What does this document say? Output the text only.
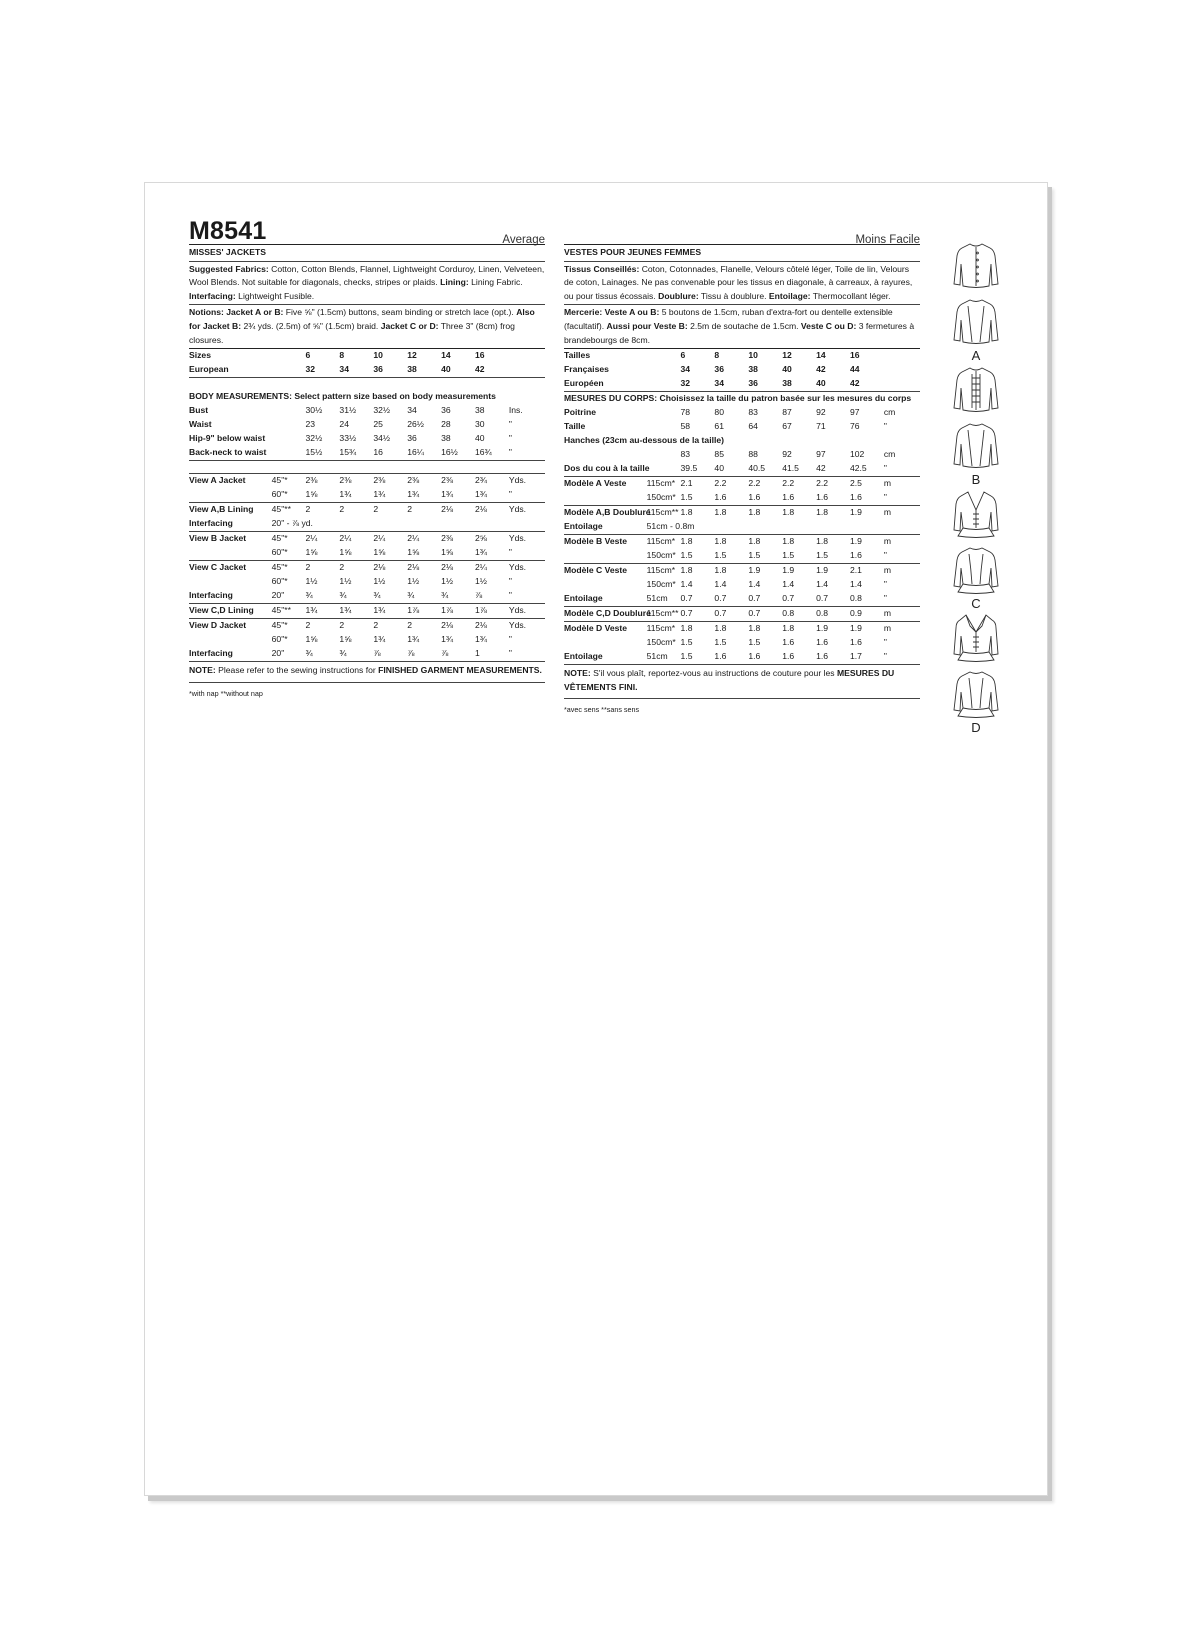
M8541	Average	Moins Facile
MISSES' JACKETS
Suggested Fabrics: Cotton, Cotton Blends, Flannel, Lightweight Corduroy, Linen, Velveteen, Wool Blends. Not suitable for diagonals, checks, stripes or plaids. Lining: Lining Fabric. Interfacing: Lightweight Fusible.
Notions: Jacket A or B: Five ⅝" (1.5cm) buttons, seam binding or stretch lace (opt.). Also for Jacket B: 2¾ yds. (2.5m) of ⅝" (1.5cm) braid. Jacket C or D: Three 3" (8cm) frog closures.
Sizes		6	8	10	12	14	16	
European		32	34	36	38	40	42	

BODY MEASUREMENTS: Select pattern size based on body measurements								
Bust		30½	31½	32½	34	36	38	Ins.
Waist		23	24	25	26½	28	30	"
Hip-9" below waist		32½	33½	34½	36	38	40	"
Back-neck to waist		15½	15¾	16	16¼	16½	16¾	"

View A Jacket	45"*	2⅜	2⅜	2⅜	2⅜	2⅜	2¾	Yds.
	60"*	1⅝	1¾	1¾	1¾	1¾	1¾	"
View A,B Lining	45"**	2	2	2	2	2⅛	2⅛	Yds.
Interfacing	20" - ⅞ yd.							
View B Jacket	45"*	2¼	2¼	2¼	2¼	2⅜	2⅝	Yds.
	60"*	1⅝	1⅝	1⅝	1⅝	1⅝	1¾	"
View C Jacket	45"*	2	2	2⅛	2⅛	2⅛	2¼	Yds.
	60"*	1½	1½	1½	1½	1½	1½	"
Interfacing	20"	¾	¾	¾	¾	¾	⅞	"
View C,D Lining	45"**	1¾	1¾	1¾	1⅞	1⅞	1⅞	Yds.
View D Jacket	45"*	2	2	2	2	2⅛	2⅛	Yds.
	60"*	1⅝	1⅝	1¾	1¾	1¾	1¾	"
Interfacing	20"	¾	¾	⅞	⅞	⅞	1	"
NOTE: Please refer to the sewing instructions for FINISHED GARMENT MEASUREMENTS.
*with nap **without nap
VESTES POUR JEUNES FEMMES
Tissus Conseillés: Coton, Cotonnades, Flanelle, Velours côtelé léger, Toile de lin, Velours de coton, Lainages. Ne pas convenable pour les tissus en diagonale, à carreaux, à rayures, ou pour tissus écossais. Doublure: Tissu à doublure. Entoilage: Thermocollant léger.
Mercerie: Veste A ou B: 5 boutons de 1.5cm, ruban d'extra-fort ou dentelle extensible (facultatif). Aussi pour Veste B: 2.5m de soutache de 1.5cm. Veste C ou D: 3 fermetures à brandebourgs de 8cm.
Tailles		6	8	10	12	14	16	
Françaises		34	36	38	40	42	44	
Européen		32	34	36	38	40	42	
MESURES DU CORPS: Choisissez la taille du patron basée sur les mesures du corps								
Poitrine		78	80	83	87	92	97	cm
Taille		58	61	64	67	71	76	"
Hanches (23cm au-dessous de la taille)								
		83	85	88	92	97	102	cm
Dos du cou à la taille		39.5	40	40.5	41.5	42	42.5	"
Modèle A Veste	115cm*	2.1	2.2	2.2	2.2	2.2	2.5	m
	150cm*	1.5	1.6	1.6	1.6	1.6	1.6	"
Modèle A,B Doublure	115cm**	1.8	1.8	1.8	1.8	1.8	1.9	m
Entoilage	51cm - 0.8m							
Modèle B Veste	115cm*	1.8	1.8	1.8	1.8	1.8	1.9	m
	150cm*	1.5	1.5	1.5	1.5	1.5	1.6	"
Modèle C Veste	115cm*	1.8	1.8	1.9	1.9	1.9	2.1	m
	150cm*	1.4	1.4	1.4	1.4	1.4	1.4	"
Entoilage	51cm	0.7	0.7	0.7	0.7	0.7	0.8	"
Modèle C,D Doublure	115cm**	0.7	0.7	0.7	0.8	0.8	0.9	m
Modèle D Veste	115cm*	1.8	1.8	1.8	1.8	1.9	1.9	m
	150cm*	1.5	1.5	1.5	1.6	1.6	1.6	"
Entoilage	51cm	1.5	1.6	1.6	1.6	1.6	1.7	"
NOTE: S'il vous plaît, reportez-vous au instructions de couture pour les MESURES DU VÊTEMENTS FINI.
*avec sens **sans sens
A
B
C
D
